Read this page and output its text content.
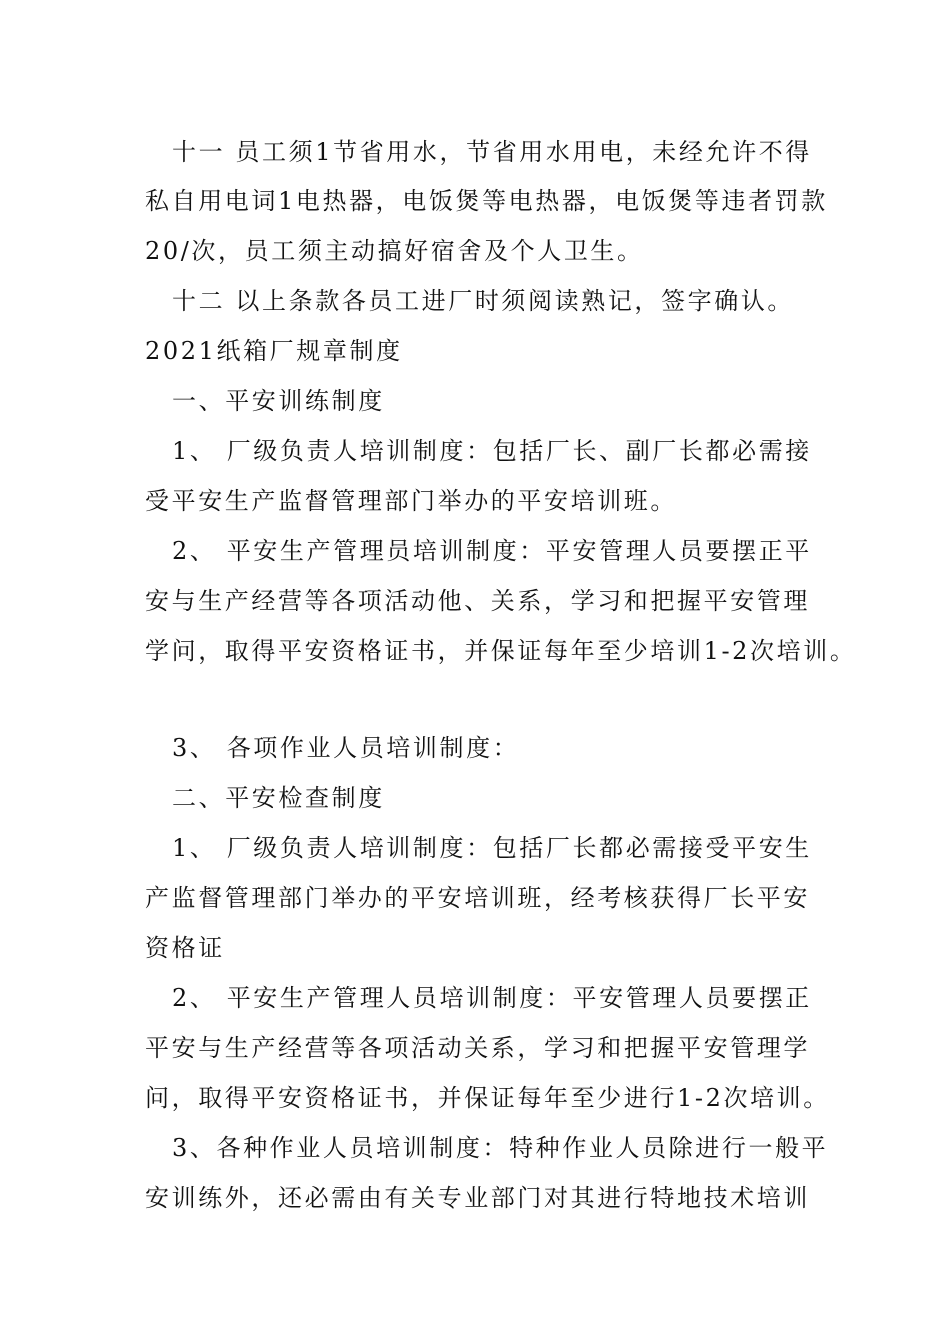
十一 员工须1节省用水，节省用水用电，未经允许不得
私自用电词1电热器，电饭煲等电热器，电饭煲等违者罚款
20/次，员工须主动搞好宿舍及个人卫生。
十二 以上条款各员工进厂时须阅读熟记，签字确认。
2021纸箱厂规章制度
一、平安训练制度
1、 厂级负责人培训制度：包括厂长、副厂长都必需接
受平安生产监督管理部门举办的平安培训班。
2、 平安生产管理员培训制度：平安管理人员要摆正平
安与生产经营等各项活动他、关系，学习和把握平安管理
学问，取得平安资格证书，并保证每年至少培训1-2次培训。
3、 各项作业人员培训制度：
二、平安检查制度
1、 厂级负责人培训制度：包括厂长都必需接受平安生
产监督管理部门举办的平安培训班，经考核获得厂长平安
资格证
2、 平安生产管理人员培训制度：平安管理人员要摆正
平安与生产经营等各项活动关系，学习和把握平安管理学
问，取得平安资格证书，并保证每年至少进行1-2次培训。
3、各种作业人员培训制度：特种作业人员除进行一般平
安训练外，还必需由有关专业部门对其进行特地技术培训
